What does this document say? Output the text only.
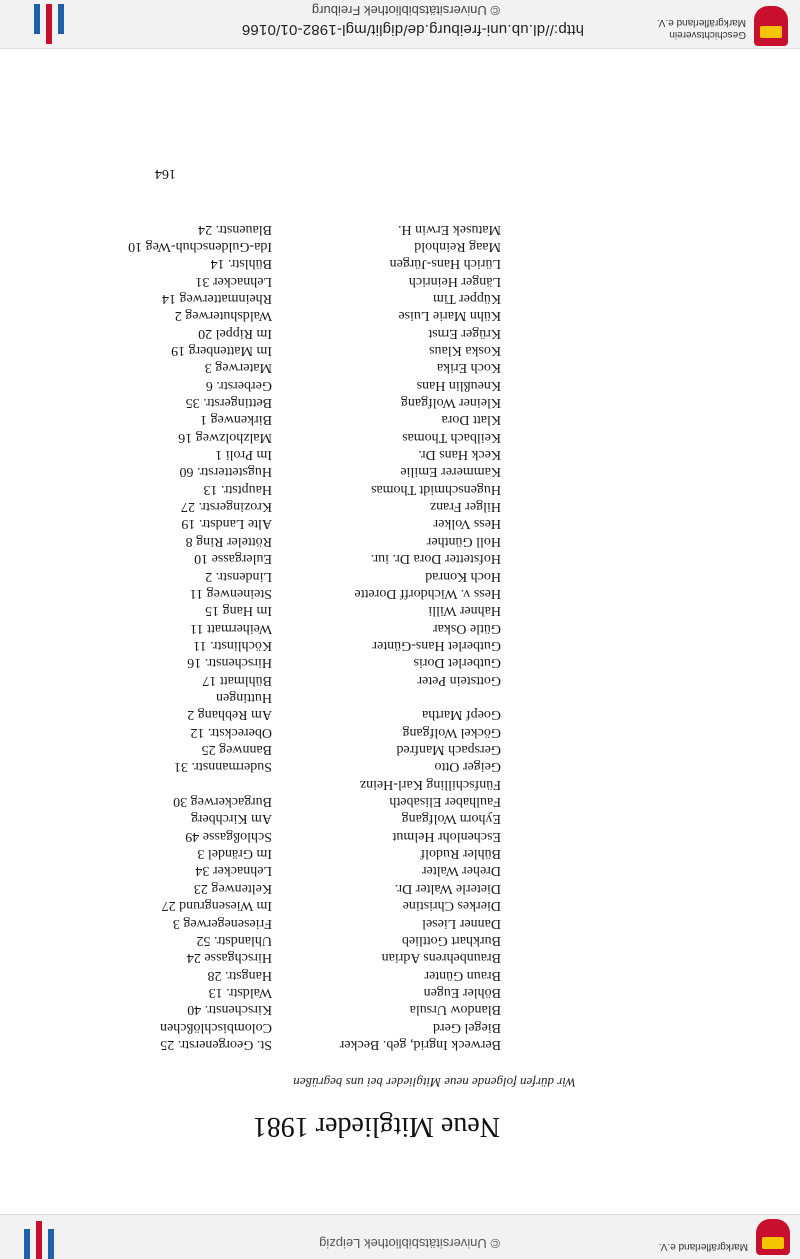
Markgräflerland e.V.
© Universitätsbibliothek Leipzig
Neue Mitglieder 1981
Wir dürfen folgende neue Mitglieder bei uns begrüßen
Berweck Ingrid, geb. Becker
St. Georgenerstr. 25
Biegel Gerd
Colombischlößchen
Blandow Ursula
Kirschenstr. 40
Böhler Eugen
Waldstr. 13
Braun Günter
Hangstr. 28
Braunbehrens Adrian
Hirschgasse 24
Burkhart Gottlieb
Uhlandstr. 52
Danner Liesel
Friesenegerweg 3
Dierkes Christine
Im Wiesengrund 27
Dieterle Walter Dr.
Keltenweg 23
Dreher Walter
Lehnacker 34
Bühler Rudolf
Im Grändel 3
Eschenlohr Helmut
Schloßgasse 49
Eyhorn Wolfgang
Am Kirchberg
Faulhaber Elisabeth
Burgackerweg 30
Fünfschilling Karl-Heinz
Geiger Otto
Sudermannstr. 31
Gerspach Manfred
Bannweg 25
Göckel Wolfgang
Obereckstr. 12
Goepf Martha
Am Rebhang 2
Huttingen
Gottstein Peter
Bühlmatt 17
Gutberlet Doris
Hirschenstr. 16
Gutberlet Hans-Günter
Köchlinstr. 11
Gütle Oskar
Weihermatt 11
Hahner Willi
Im Hang 15
Hess v. Wichdorff Dorette
Steinenweg 11
Hoch Konrad
Lindenstr. 2
Hofstetter Dora Dr. iur.
Eulergasse 10
Holl Günther
Rötteler Ring 8
Hess Volker
Alte Landstr. 19
Hilger Franz
Krozingerstr. 27
Hugenschmidt Thomas
Hauptstr. 13
Kammerer Emilie
Hugstetterstr. 60
Keck Hans Dr.
Im Proli 1
Keilbach Thomas
Malzholzweg 16
Klatt Dora
Birkenweg 1
Kleiner Wolfgang
Bettingerstr. 35
Kneußlin Hans
Gerberstr. 6
Koch Erika
Materweg 3
Koska Klaus
Im Mattenberg 19
Krüger Ernst
Im Rippel 20
Kühn Marie Luise
Waldshuterweg 2
Küpper Tim
Rheinmatterweg 14
Länger Heinrich
Lehnacker 31
Lürich Hans-Jürgen
Bühlstr. 14
Maag Reinhold
Ida-Guldenschuh-Weg 10
Matusek Erwin H.
Blauenstr. 24
164
Geschichtsverein
Markgräflerland e.V.
http://dl.ub.uni-freiburg.de/diglit/mgl-1982-01/0166
© Universitätsbibliothek Freiburg
